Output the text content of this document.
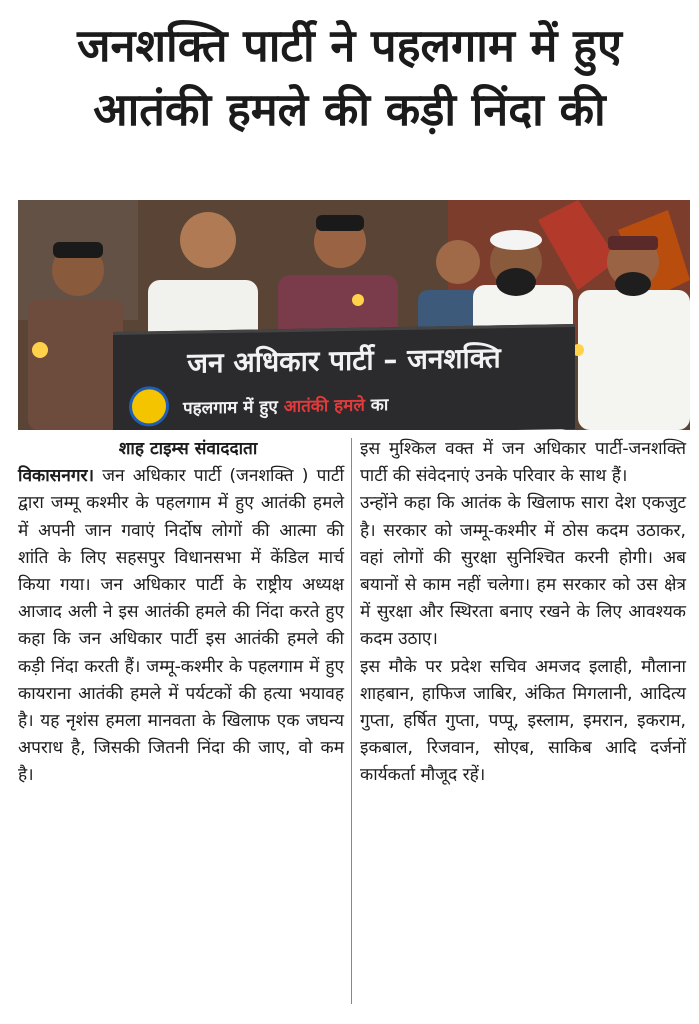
जनशक्ति पार्टी ने पहलगाम में हुए
आतंकी हमले की कड़ी निंदा की
जन अधिकार पार्टी – जनशक्ति
पहलगाम में हुए आतंकी हमले का
शाह टाइम्स संवाददाता

विकासनगर। जन अधिकार पार्टी (जनशक्ति ) पार्टी द्वारा जम्मू कश्मीर के पहलगाम में हुए आतंकी हमले में अपनी जान गवाएं निर्दोष लोगों की आत्मा की शांति के लिए सहसपुर विधानसभा में केंडिल मार्च किया गया। जन अधिकार पार्टी के राष्ट्रीय अध्यक्ष आजाद अली ने इस आतंकी हमले की निंदा करते हुए कहा कि जन अधिकार पार्टी इस आतंकी हमले की कड़ी निंदा करती हैं। जम्मू-कश्मीर के पहलगाम में हुए कायराना आतंकी हमले में पर्यटकों की हत्या भयावह है। यह नृशंस हमला मानवता के खिलाफ एक जघन्य अपराध है, जिसकी जितनी निंदा की जाए, वो कम है।

इस मुश्किल वक्त में जन अधिकार पार्टी-जनशक्ति पार्टी की संवेदनाएं उनके परिवार के साथ हैं।

उन्होंने कहा कि आतंक के खिलाफ सारा देश एकजुट है। सरकार को जम्मू-कश्मीर में ठोस कदम उठाकर, वहां लोगों की सुरक्षा सुनिश्चित करनी होगी। अब बयानों से काम नहीं चलेगा। हम सरकार को उस क्षेत्र में सुरक्षा और स्थिरता बनाए रखने के लिए आवश्यक कदम उठाए।

इस मौके पर प्रदेश सचिव अमजद इलाही, मौलाना शाहबान, हाफिज जाबिर, अंकित मिगलानी, आदित्य गुप्ता, हर्षित गुप्ता, पप्पू, इस्लाम, इमरान, इकराम, इकबाल, रिजवान, सोएब, साकिब आदि दर्जनों कार्यकर्ता मौजूद रहें।
